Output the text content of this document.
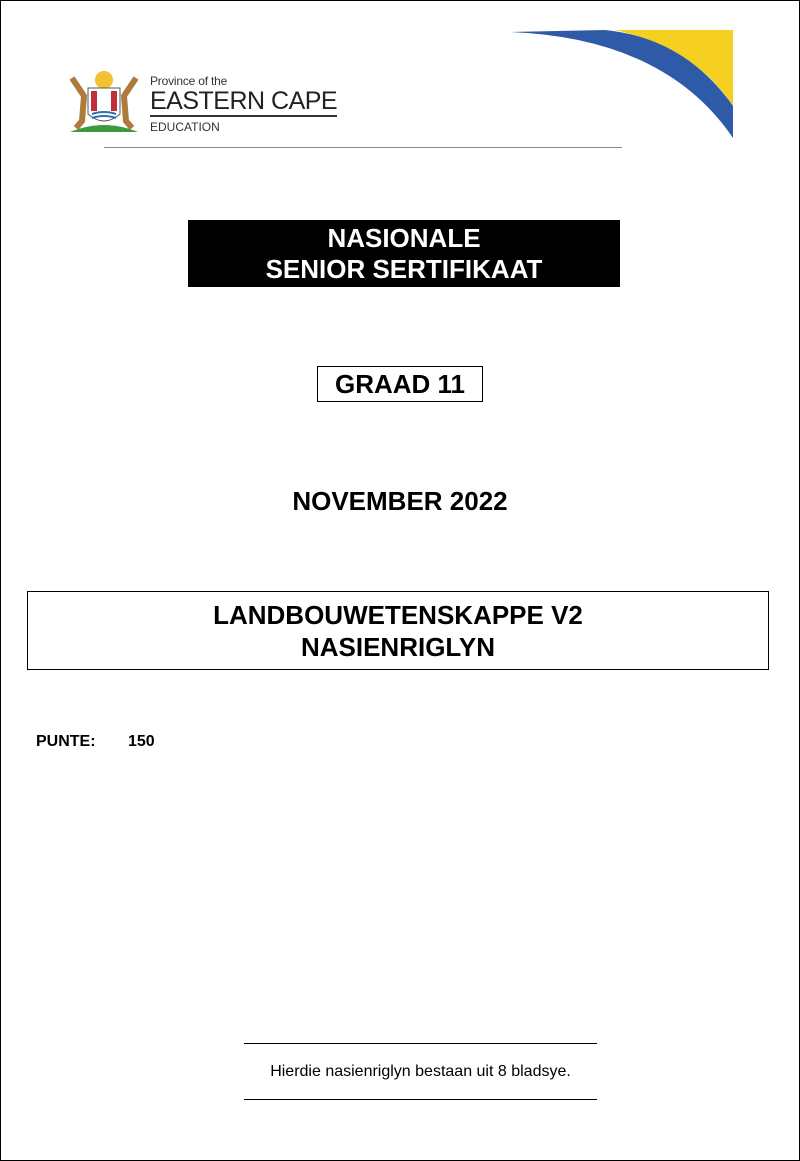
Province of the
EASTERN CAPE
EDUCATION
NASIONALE
SENIOR SERTIFIKAAT
GRAAD 11
NOVEMBER 2022
LANDBOUWETENSKAPPE V2
NASIENRIGLYN
PUNTE: 150
Hierdie nasienriglyn bestaan uit 8 bladsye.
